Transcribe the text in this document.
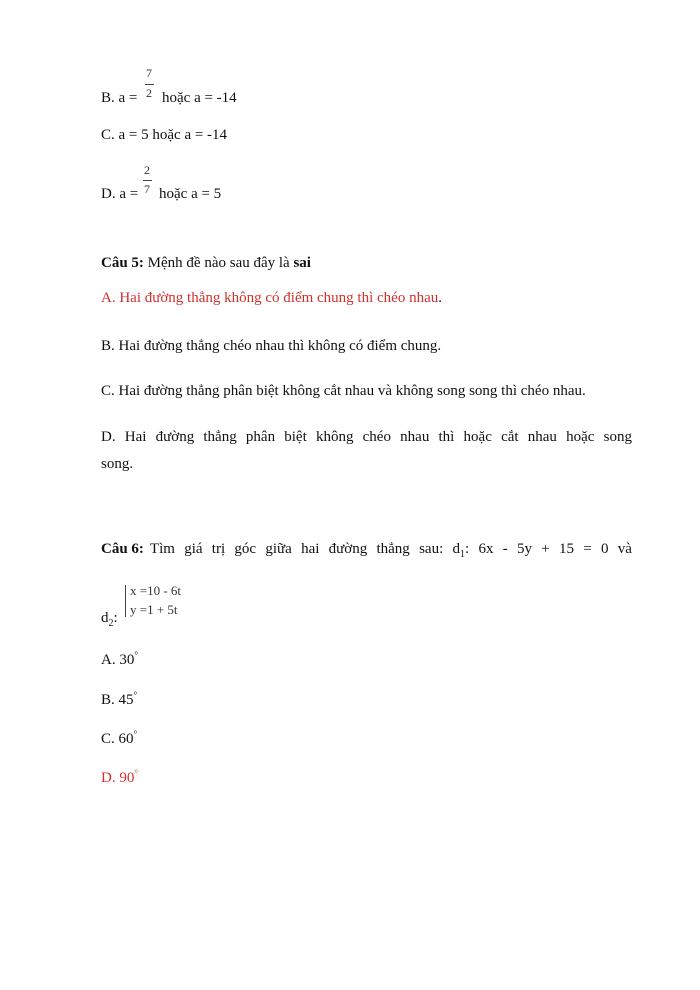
B. a =
7
2 hoặc a = -14
C. a = 5 hoặc a = -14
D. a =
2
7 hoặc a = 5
Câu 5: Mệnh đề nào sau đây là sai
A. Hai đường thẳng không có điểm chung thì chéo nhau.
B. Hai đường thẳng chéo nhau thì không có điểm chung.
C. Hai đường thẳng phân biệt không cắt nhau và không song song thì chéo nhau.
D. Hai đường thẳng phân biệt không chéo nhau thì hoặc cắt nhau hoặc song
song.
Câu 6: Tìm giá trị góc giữa hai đường thẳng sau: $d_1$: 6x - 5y + 15 = 0 và
$d_2$:
x =10 - 6t
y =1 + 5t
A. 30°
B. 45°
C. 60°
D. 90°
